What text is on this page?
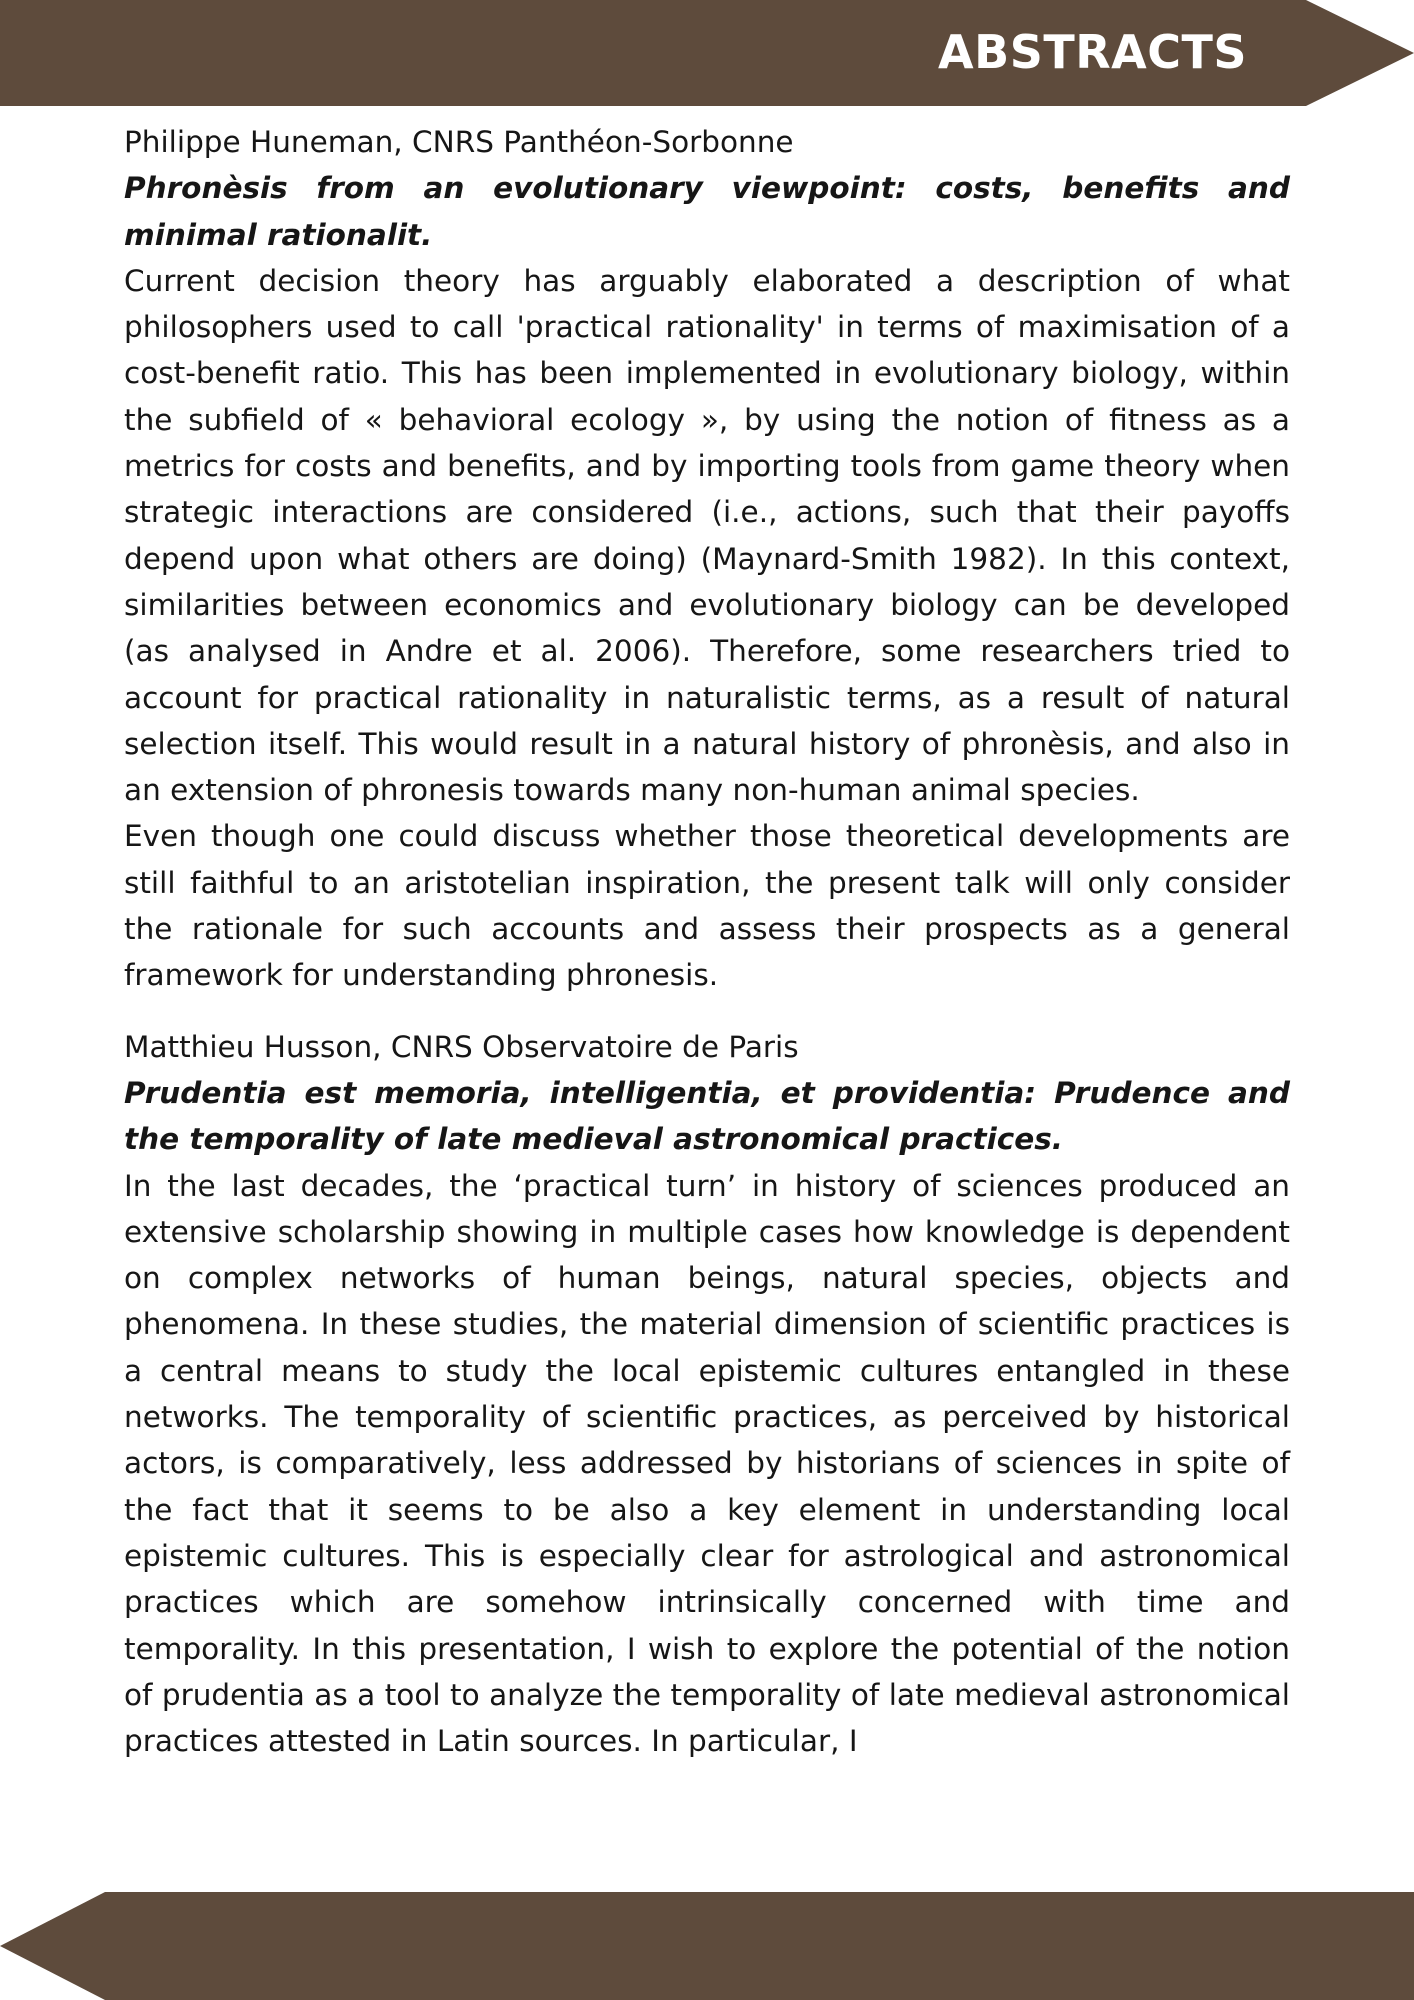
ABSTRACTS

Philippe Huneman, CNRS Panthéon-Sorbonne

Phronèsis from an evolutionary viewpoint: costs, benefits and minimal rationalit.

Current decision theory has arguably elaborated a description of what philosophers used to call 'practical rationality' in terms of maximisation of a cost-benefit ratio. This has been implemented in evolutionary biology, within the subfield of « behavioral ecology », by using the notion of fitness as a metrics for costs and benefits, and by importing tools from game theory when strategic interactions are considered (i.e., actions, such that their payoffs depend upon what others are doing) (Maynard-Smith 1982). In this context, similarities between economics and evolutionary biology can be developed (as analysed in Andre et al. 2006). Therefore, some researchers tried to account for practical rationality in naturalistic terms, as a result of natural selection itself. This would result in a natural history of phronèsis, and also in an extension of phronesis towards many non-human animal species.

Even though one could discuss whether those theoretical developments are still faithful to an aristotelian inspiration, the present talk will only consider the rationale for such accounts and assess their prospects as a general framework for understanding phronesis.

Matthieu Husson, CNRS Observatoire de Paris

Prudentia est memoria, intelligentia, et providentia: Prudence and the temporality of late medieval astronomical practices.

In the last decades, the ‘practical turn’ in history of sciences produced an extensive scholarship showing in multiple cases how knowledge is dependent on complex networks of human beings, natural species, objects and phenomena. In these studies, the material dimension of scientific practices is a central means to study the local epistemic cultures entangled in these networks. The temporality of scientific practices, as perceived by historical actors, is comparatively, less addressed by historians of sciences in spite of the fact that it seems to be also a key element in understanding local epistemic cultures. This is especially clear for astrological and astronomical practices which are somehow intrinsically concerned with time and temporality. In this presentation, I wish to explore the potential of the notion of prudentia as a tool to analyze the temporality of late medieval astronomical practices attested in Latin sources. In particular, I
